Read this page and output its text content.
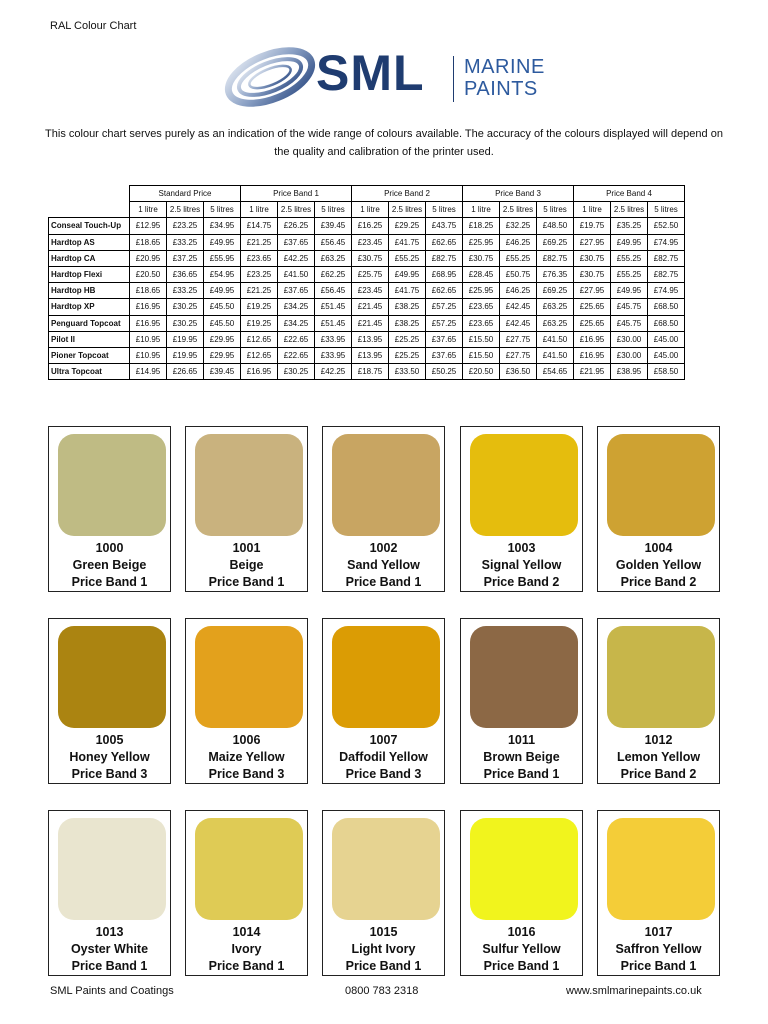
RAL Colour Chart
SML MARINE
PAINTS
This colour chart serves purely as an indication of the wide range of colours available. The accuracy of the colours displayed will depend on the quality and calibration of the printer used.
	Standard Price			Price Band 1			Price Band 2			Price Band 3			Price Band 4		
	1 litre	2.5 litres	5 litres	1 litre	2.5 litres	5 litres	1 litre	2.5 litres	5 litres	1 litre	2.5 litres	5 litres	1 litre	2.5 litres	5 litres
Conseal Touch-Up	£12.95	£23.25	£34.95	£14.75	£26.25	£39.45	£16.25	£29.25	£43.75	£18.25	£32.25	£48.50	£19.75	£35.25	£52.50
Hardtop AS	£18.65	£33.25	£49.95	£21.25	£37.65	£56.45	£23.45	£41.75	£62.65	£25.95	£46.25	£69.25	£27.95	£49.95	£74.95
Hardtop CA	£20.95	£37.25	£55.95	£23.65	£42.25	£63.25	£30.75	£55.25	£82.75	£30.75	£55.25	£82.75	£30.75	£55.25	£82.75
Hardtop Flexi	£20.50	£36.65	£54.95	£23.25	£41.50	£62.25	£25.75	£49.95	£68.95	£28.45	£50.75	£76.35	£30.75	£55.25	£82.75
Hardtop HB	£18.65	£33.25	£49.95	£21.25	£37.65	£56.45	£23.45	£41.75	£62.65	£25.95	£46.25	£69.25	£27.95	£49.95	£74.95
Hardtop XP	£16.95	£30.25	£45.50	£19.25	£34.25	£51.45	£21.45	£38.25	£57.25	£23.65	£42.45	£63.25	£25.65	£45.75	£68.50
Penguard Topcoat	£16.95	£30.25	£45.50	£19.25	£34.25	£51.45	£21.45	£38.25	£57.25	£23.65	£42.45	£63.25	£25.65	£45.75	£68.50
Pilot II	£10.95	£19.95	£29.95	£12.65	£22.65	£33.95	£13.95	£25.25	£37.65	£15.50	£27.75	£41.50	£16.95	£30.00	£45.00
Pioner Topcoat	£10.95	£19.95	£29.95	£12.65	£22.65	£33.95	£13.95	£25.25	£37.65	£15.50	£27.75	£41.50	£16.95	£30.00	£45.00
Ultra Topcoat	£14.95	£26.65	£39.45	£16.95	£30.25	£42.25	£18.75	£33.50	£50.25	£20.50	£36.50	£54.65	£21.95	£38.95	£58.50
1000
Green Beige
Price Band 1
1001
Beige
Price Band 1
1002
Sand Yellow
Price Band 1
1003
Signal Yellow
Price Band 2
1004
Golden Yellow
Price Band 2
1005
Honey Yellow
Price Band 3
1006
Maize Yellow
Price Band 3
1007
Daffodil Yellow
Price Band 3
1011
Brown Beige
Price Band 1
1012
Lemon Yellow
Price Band 2
1013
Oyster White
Price Band 1
1014
Ivory
Price Band 1
1015
Light Ivory
Price Band 1
1016
Sulfur Yellow
Price Band 1
1017
Saffron Yellow
Price Band 1
SML Paints and Coatings	0800 783 2318	www.smlmarinepaints.co.uk
